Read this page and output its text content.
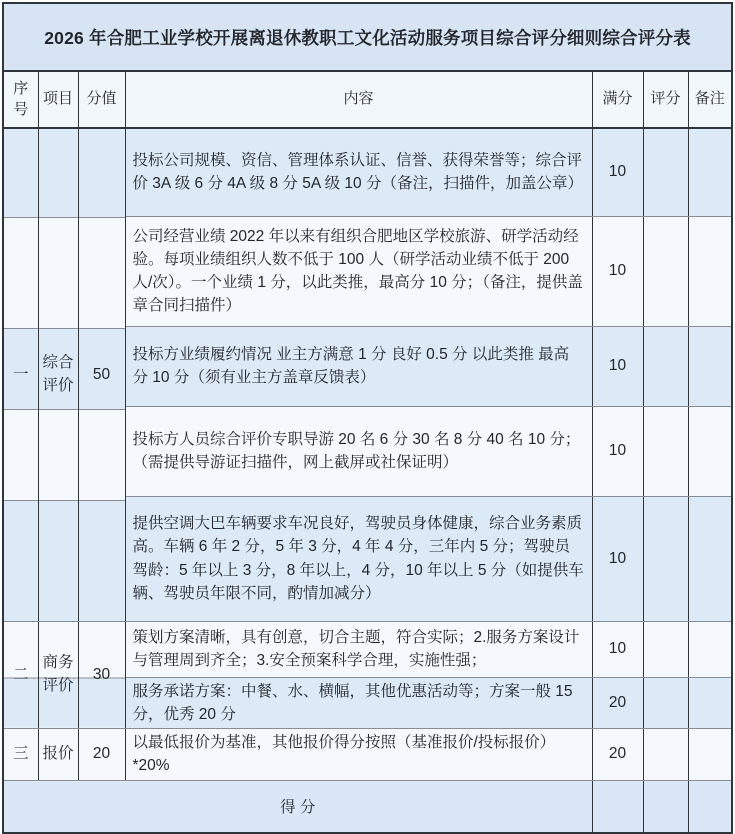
2026 年合肥工业学校开展离退休教职工文化活动服务项目综合评分细则综合评分表						
序号	项目	分值	内容	满分	评分	备注
一	综合评价	50	投标公司规模、资信、管理体系认证、信誉、获得荣誉等；综合评价 3A 级 6 分 4A 级 8 分 5A 级 10 分（备注，扫描件，加盖公章）	10		
			公司经营业绩 2022 年以来有组织合肥地区学校旅游、研学活动经验。每项业绩组织人数不低于 100 人（研学活动业绩不低于 200 人/次）。一个业绩 1 分，以此类推，最高分 10 分；（备注，提供盖章合同扫描件）	10		
			投标方业绩履约情况 业主方满意 1 分 良好 0.5 分 以此类推 最高分 10 分（须有业主方盖章反馈表）	10		
			投标方人员综合评价专职导游 20 名 6 分 30 名 8 分 40 名 10 分；（需提供导游证扫描件，网上截屏或社保证明）	10		
			提供空调大巴车辆要求车况良好，驾驶员身体健康，综合业务素质高。车辆 6 年 2 分，5 年 3 分，4 年 4 分，三年内 5 分；驾驶员驾龄：5 年以上 3 分，8 年以上，4 分，10 年以上 5 分（如提供车辆、驾驶员年限不同，酌情加减分）	10		
二	商务评价	30	策划方案清晰，具有创意，切合主题，符合实际；2.服务方案设计与管理周到齐全；3.安全预案科学合理，实施性强；	10		
			服务承诺方案：中餐、水、横幅，其他优惠活动等；方案一般 15 分，优秀 20 分	20		
三	报价	20	以最低报价为基准，其他报价得分按照（基准报价/投标报价）*20%	20		
得 分						
